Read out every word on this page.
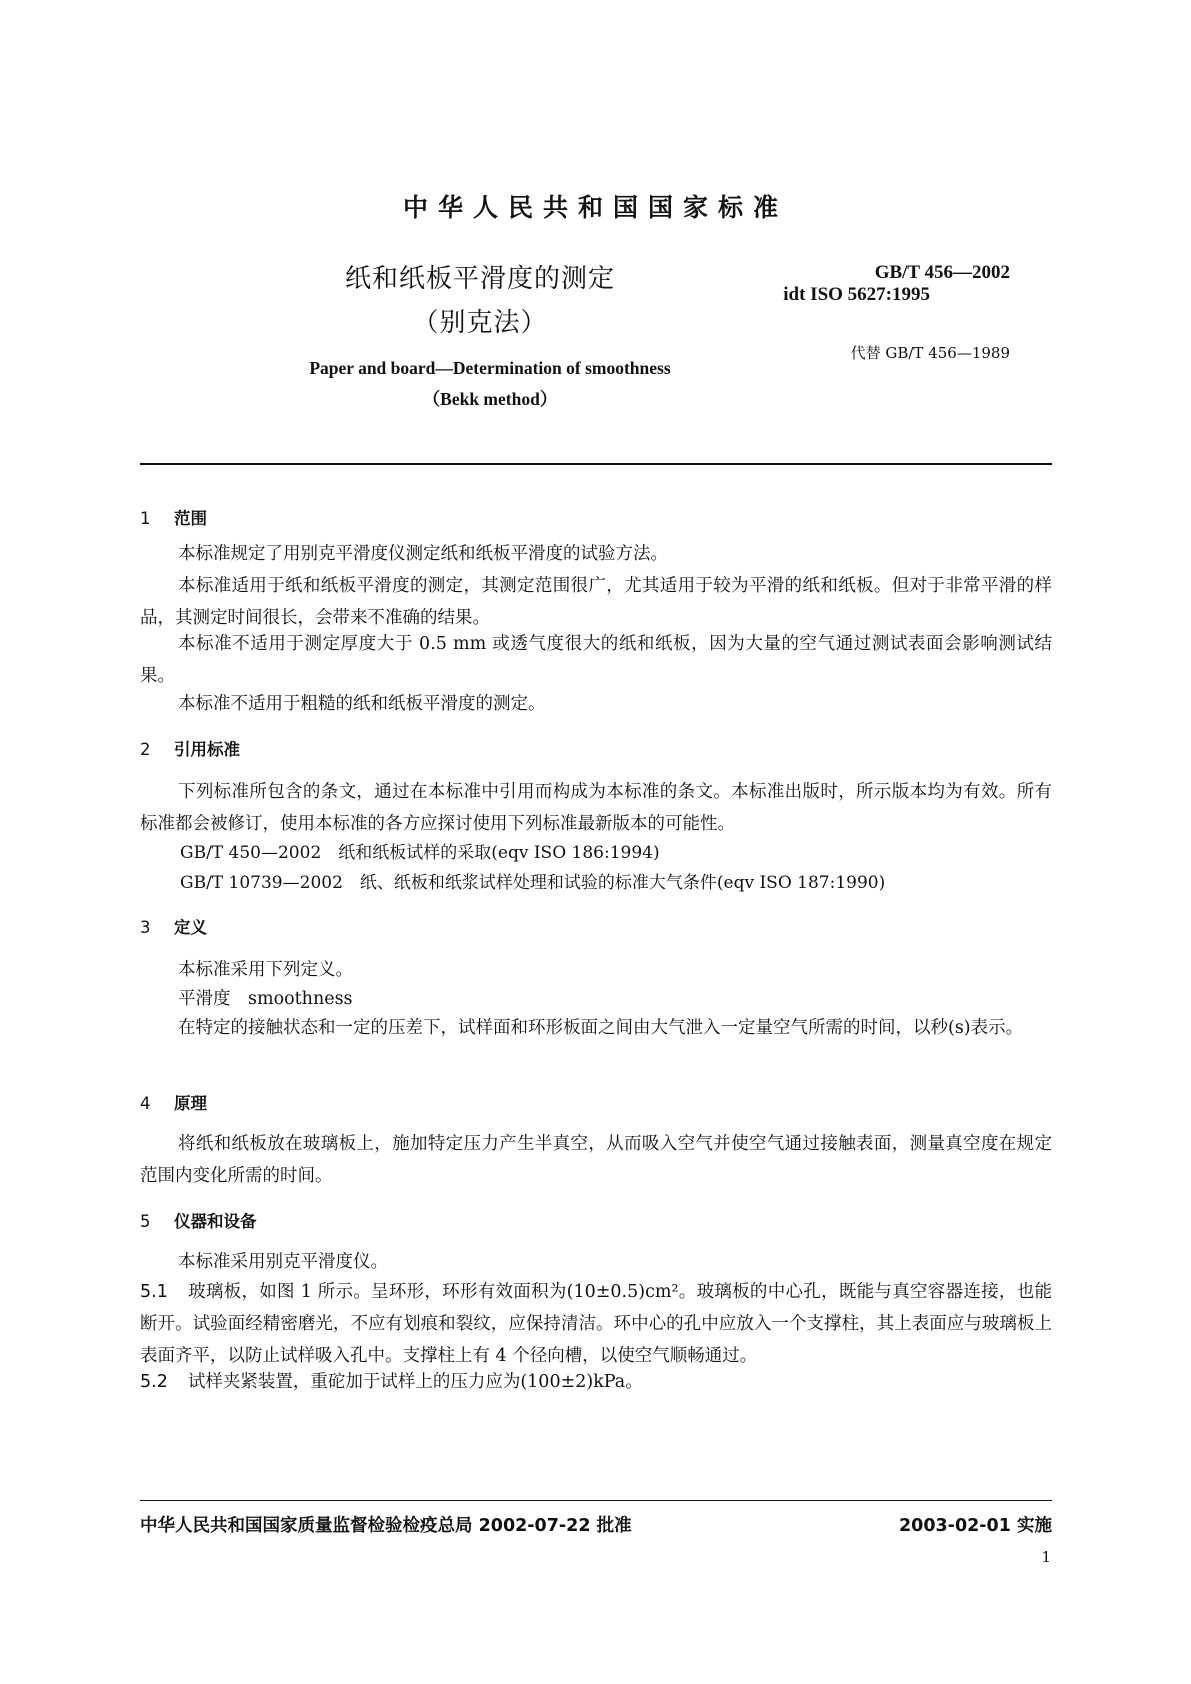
中华人民共和国国家标准
纸和纸板平滑度的测定
（别克法）
GB/T 456—2002
idt ISO 5627:1995
代替 GB/T 456—1989
Paper and board—Determination of smoothness
（Bekk method）
1 范围
本标准规定了用别克平滑度仪测定纸和纸板平滑度的试验方法。
本标准适用于纸和纸板平滑度的测定，其测定范围很广，尤其适用于较为平滑的纸和纸板。但对于非常平滑的样品，其测定时间很长，会带来不准确的结果。
本标准不适用于测定厚度大于 0.5 mm 或透气度很大的纸和纸板，因为大量的空气通过测试表面会影响测试结果。
本标准不适用于粗糙的纸和纸板平滑度的测定。
2 引用标准
下列标准所包含的条文，通过在本标准中引用而构成为本标准的条文。本标准出版时，所示版本均为有效。所有标准都会被修订，使用本标准的各方应探讨使用下列标准最新版本的可能性。
GB/T 450—2002　纸和纸板试样的采取(eqv ISO 186:1994)
GB/T 10739—2002　纸、纸板和纸浆试样处理和试验的标准大气条件(eqv ISO 187:1990)
3 定义
本标准采用下列定义。
平滑度　smoothness
在特定的接触状态和一定的压差下，试样面和环形板面之间由大气泄入一定量空气所需的时间，以秒(s)表示。
4 原理
将纸和纸板放在玻璃板上，施加特定压力产生半真空，从而吸入空气并使空气通过接触表面，测量真空度在规定范围内变化所需的时间。
5 仪器和设备
本标准采用别克平滑度仪。
5.1 玻璃板，如图 1 所示。呈环形，环形有效面积为(10±0.5)cm²。玻璃板的中心孔，既能与真空容器连接，也能断开。试验面经精密磨光，不应有划痕和裂纹，应保持清洁。环中心的孔中应放入一个支撑柱，其上表面应与玻璃板上表面齐平，以防止试样吸入孔中。支撑柱上有 4 个径向槽，以使空气顺畅通过。
5.2 试样夹紧装置，重砣加于试样上的压力应为(100±2)kPa。
中华人民共和国国家质量监督检验检疫总局 2002-07-22 批准	2003-02-01 实施
1
